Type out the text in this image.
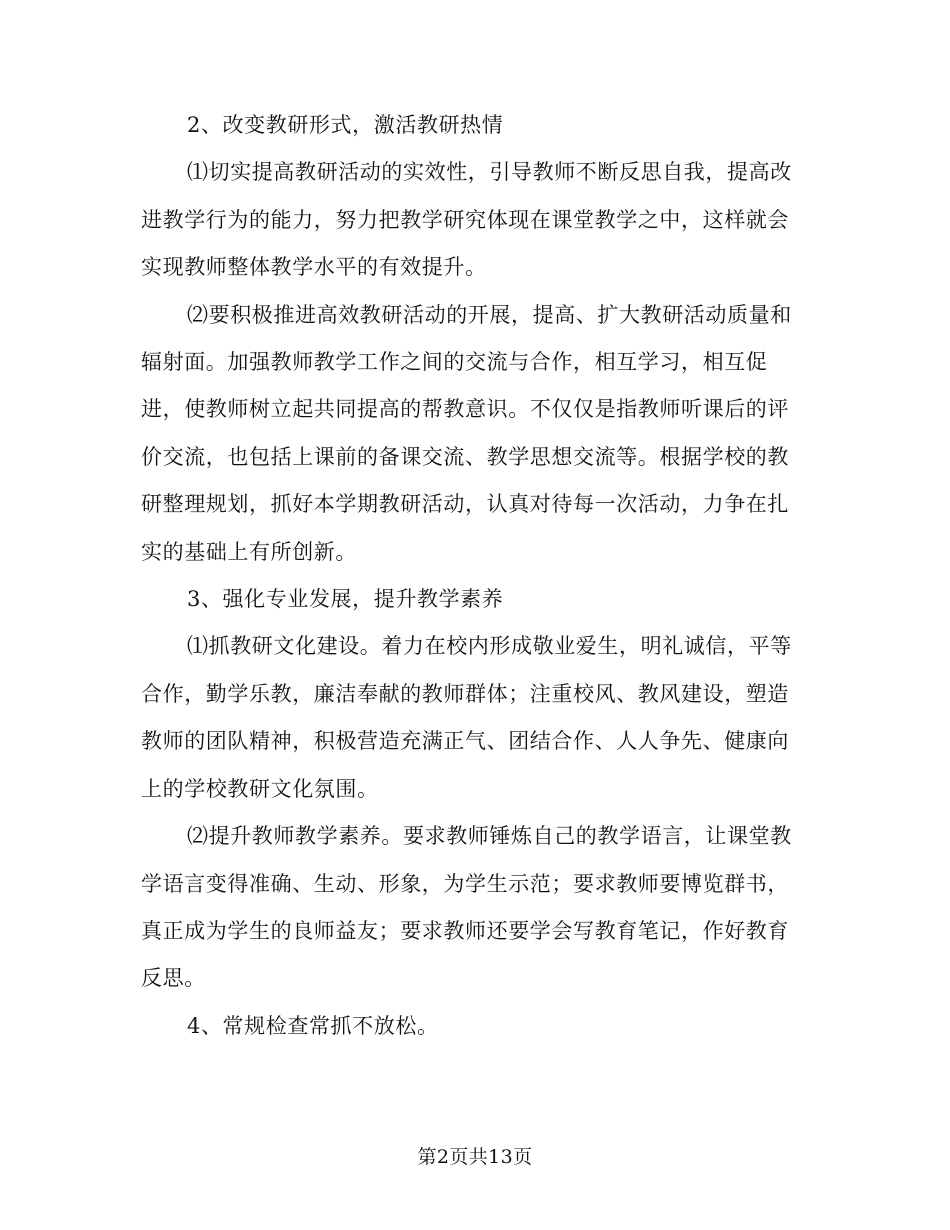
2、改变教研形式，激活教研热情

⑴切实提高教研活动的实效性，引导教师不断反思自我，提高改进教学行为的能力，努力把教学研究体现在课堂教学之中，这样就会实现教师整体教学水平的有效提升。

⑵要积极推进高效教研活动的开展，提高、扩大教研活动质量和辐射面。加强教师教学工作之间的交流与合作，相互学习，相互促进，使教师树立起共同提高的帮教意识。不仅仅是指教师听课后的评价交流，也包括上课前的备课交流、教学思想交流等。根据学校的教研整理规划，抓好本学期教研活动，认真对待每一次活动，力争在扎实的基础上有所创新。

3、强化专业发展，提升教学素养

⑴抓教研文化建设。着力在校内形成敬业爱生，明礼诚信，平等合作，勤学乐教，廉洁奉献的教师群体；注重校风、教风建设，塑造教师的团队精神，积极营造充满正气、团结合作、人人争先、健康向上的学校教研文化氛围。

⑵提升教师教学素养。要求教师锤炼自己的教学语言，让课堂教学语言变得准确、生动、形象，为学生示范；要求教师要博览群书，真正成为学生的良师益友；要求教师还要学会写教育笔记，作好教育反思。

4、常规检查常抓不放松。

第2页共13页
